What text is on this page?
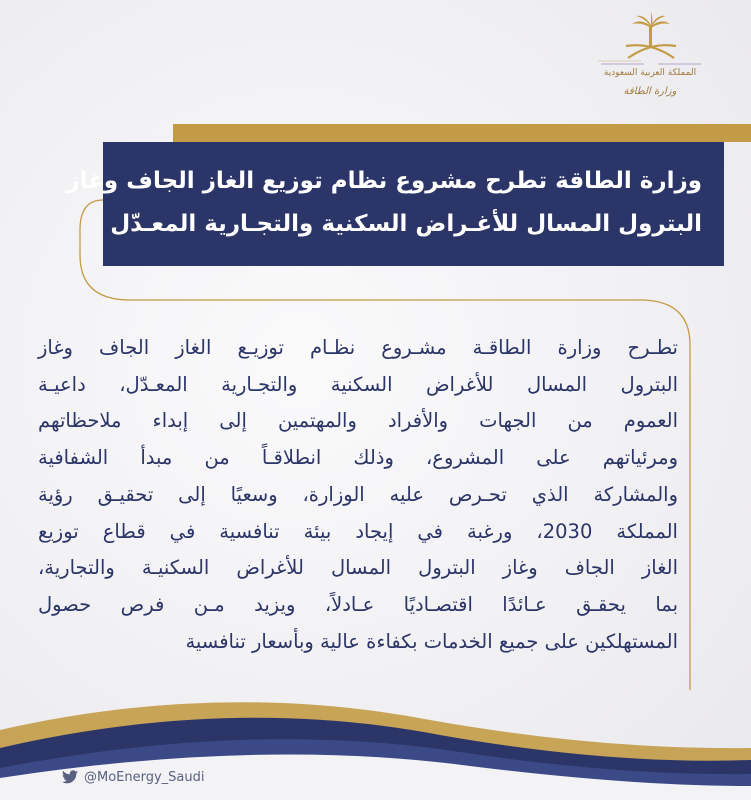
المملكة العربية السعودية
وزارة الطاقة
وزارة الطاقة تطرح مشروع نظام توزيع الغاز الجاف وغاز
البترول المسال للأغـراض السكنية والتجـارية المعـدّل
تطـرح وزارة الطاقـة مشـروع نظـام توزيـع الغاز الجاف وغاز
البترول المسال للأغراض السكنية والتجـارية المعـدّل، داعيـة
العموم من الجهات والأفراد والمهتمين إلى إبداء ملاحظاتهم
ومرئياتهم على المشروع، وذلك انطلاقـاً من مبدأ الشفافية
والمشاركة الذي تحـرص عليه الوزارة، وسعيًا إلى تحقيـق رؤية
المملكة 2030، ورغبة في إيجاد بيئة تنافسية في قطاع توزيع
الغاز الجاف وغاز البترول المسال للأغراض السكنيـة والتجارية،
بما يحقـق عـائدًا اقتصـاديًا عـادلاً، ويزيد مـن فرص حصول
المستهلكين على جميع الخدمات بكفاءة عالية وبأسعار تنافسية
@MoEnergy_Saudi
